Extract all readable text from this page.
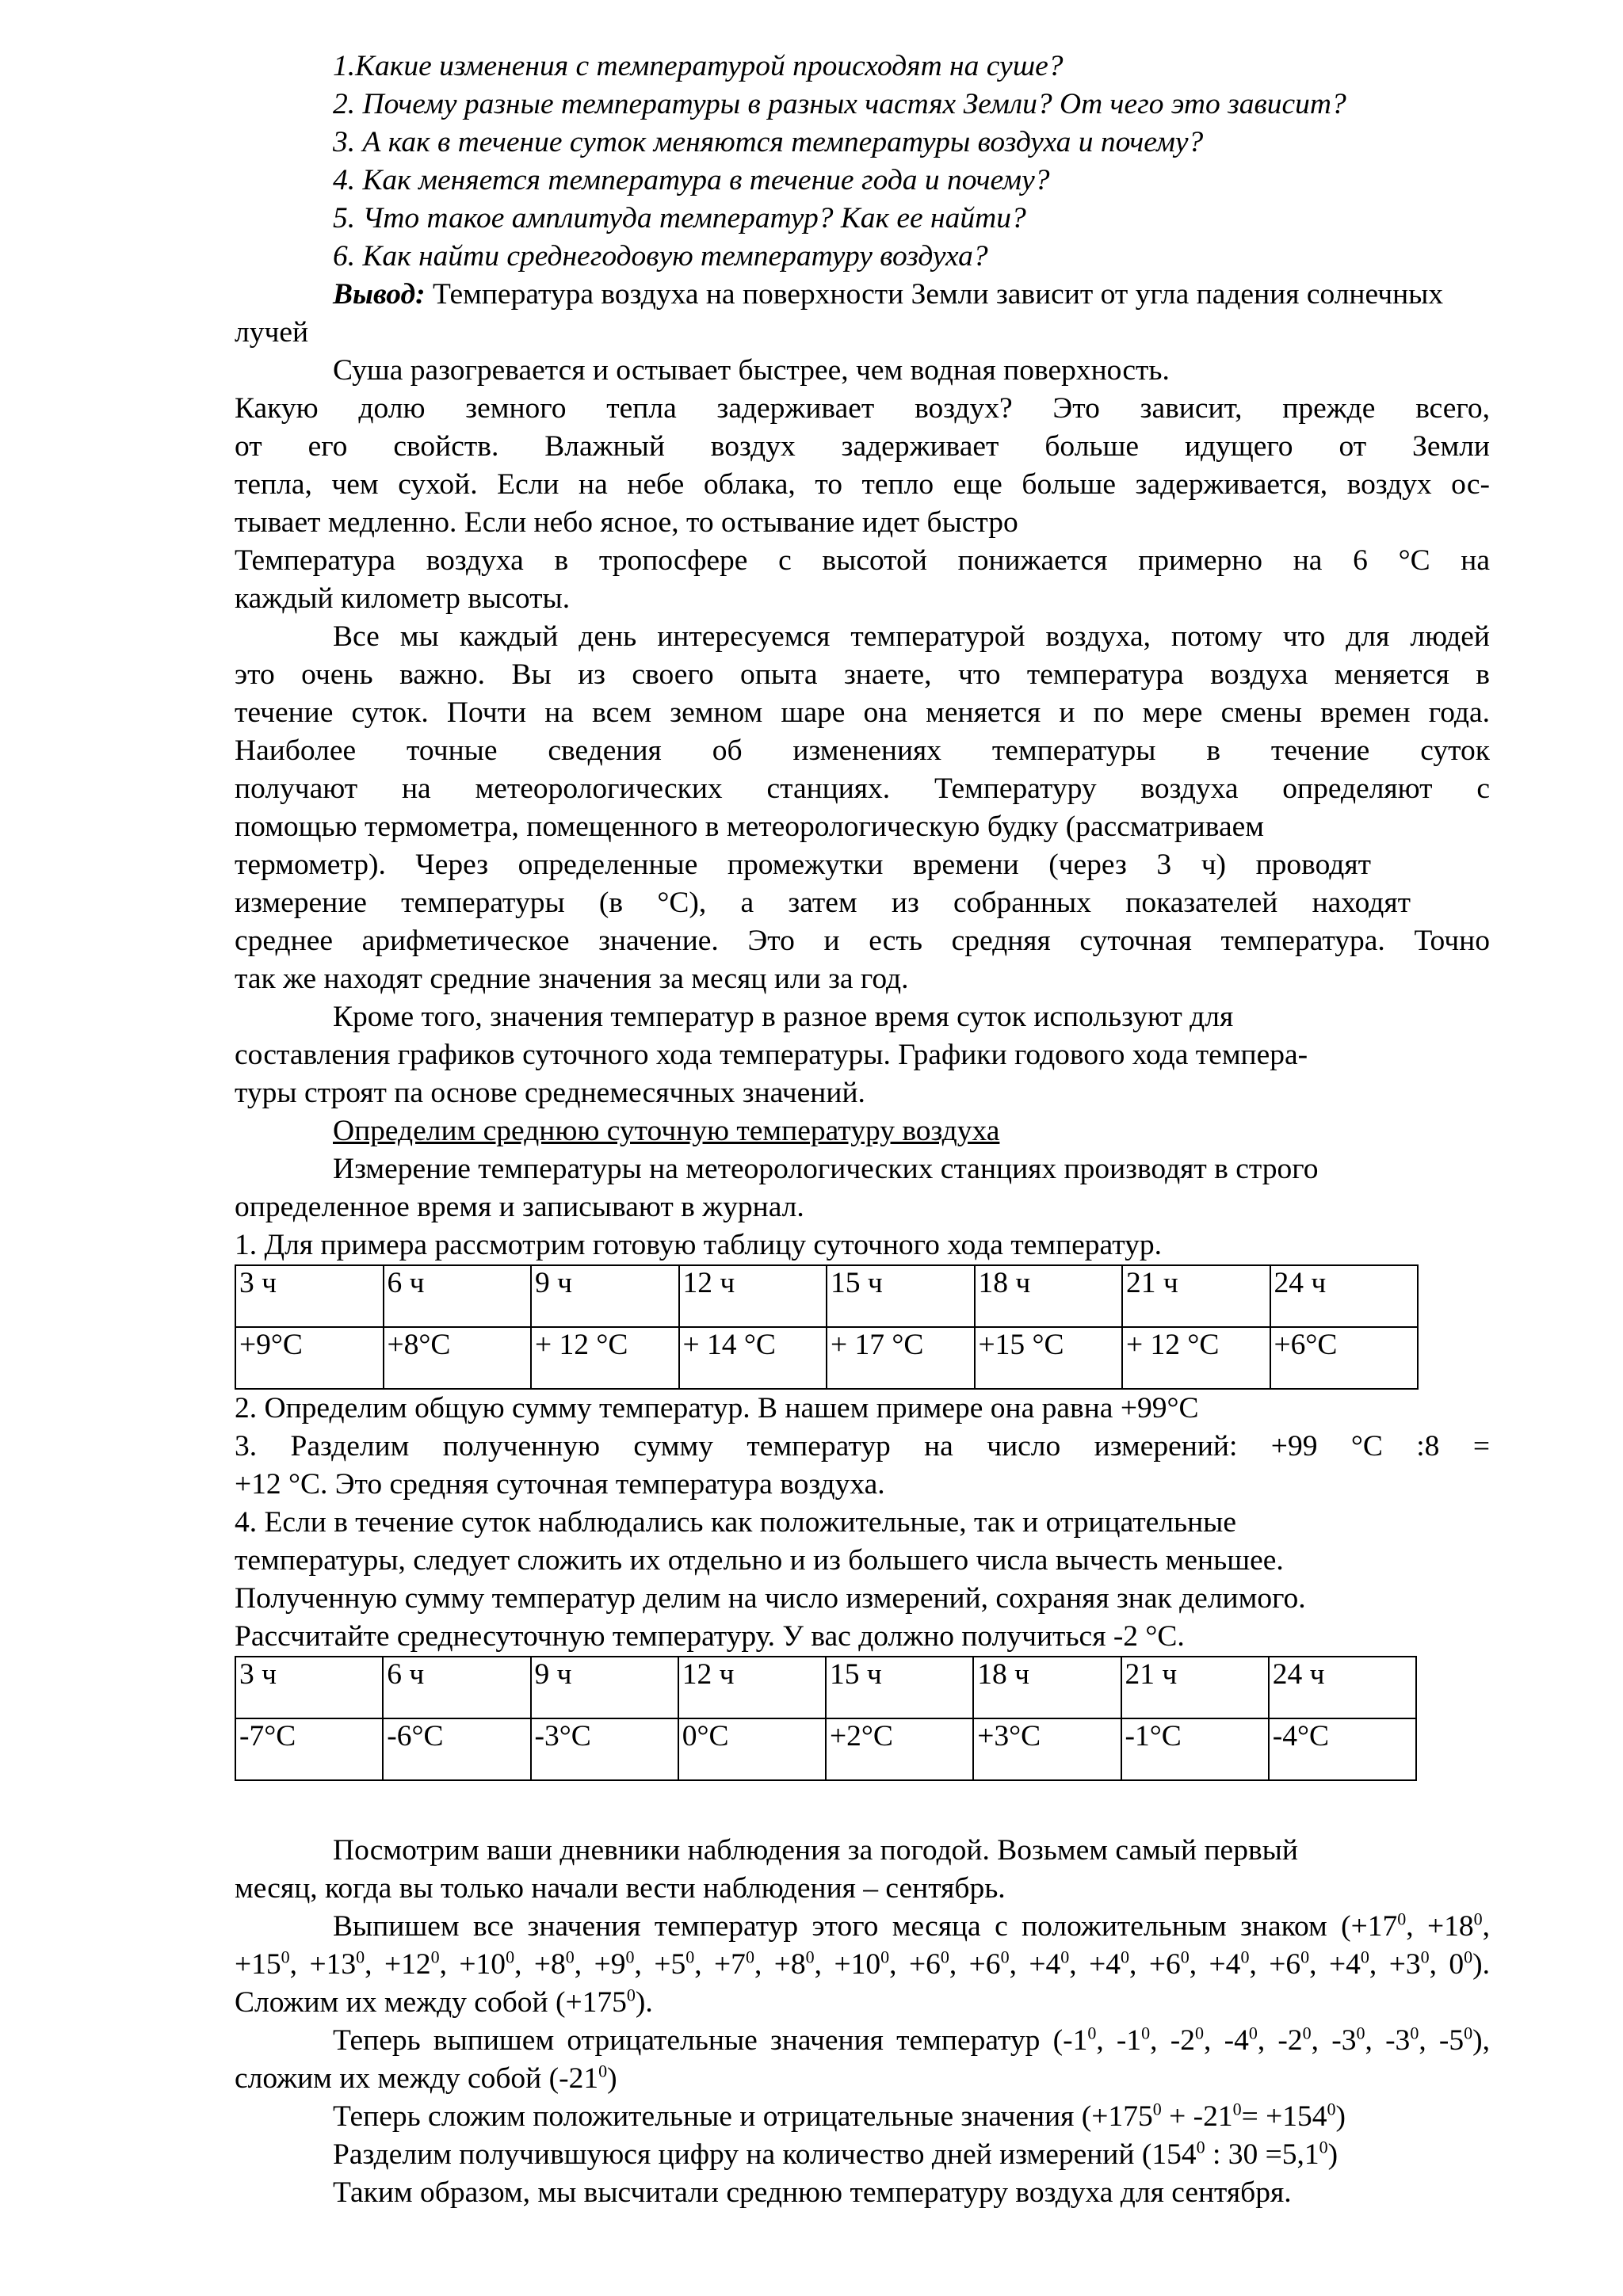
1.Какие изменения с температурой происходят на суше?

2. Почему разные температуры в разных частях Земли? От чего это зависит?

3. А как в течение суток меняются температуры воздуха и почему?

4. Как меняется температура в течение года и почему?

5. Что такое амплитуда температур? Как ее найти?

6. Как найти среднегодовую температуру воздуха?

Вывод: Температура воздуха на поверхности Земли зависит от угла падения солнечных лучей

Суша разогревается и остывает быстрее, чем водная поверхность.

Какую долю земного тепла задерживает воздух? Это зависит, прежде всего,

от его свойств. Влажный воздух задерживает больше идущего от Земли

тепла, чем сухой. Если на небе облака, то тепло еще больше задерживается, воздух ос-

тывает медленно. Если небо ясное, то остывание идет быстро

Температура воздуха в тропосфере с высотой понижается примерно на 6 °С на

каждый километр высоты.

Все мы каждый день интересуемся температурой воздуха, потому что для людей

это очень важно. Вы из своего опыта знаете, что температура воздуха меняется в

течение суток. Почти на всем земном шаре она меняется и по мере смены времен года.

Наиболее точные сведения об изменениях температуры в течение суток

получают на метеорологических станциях. Температуру воздуха определяют с

помощью термометра, помещенного в метеорологическую будку (рассматриваем

термометр). Через определенные промежутки времени (через 3 ч) проводят

измерение температуры (в °С), а затем из собранных показателей находят

среднее арифметическое значение. Это и есть средняя суточная температура. Точно

так же находят средние значения за месяц или за год.

Кроме того, значения температур в разное время суток используют для

составления графиков суточного хода температуры. Графики годового хода темпера-

туры строят па основе среднемесячных значений.

Определим среднюю суточную температуру воздуха

Измерение температуры на метеорологических станциях производят в строго

определенное время и записывают в журнал.

1. Для примера рассмотрим готовую таблицу суточного хода температур.

3 ч	6 ч	9 ч	12 ч	15 ч	18 ч	21 ч	24 ч
+9°С	+8°С	+ 12 °С	+ 14 °С	+ 17 °С	+15 °С	+ 12 °С	+6°С

2. Определим общую сумму температур. В нашем примере она равна +99°С

3. Разделим полученную сумму температур на число измерений: +99 °С :8 =

+12 °С. Это средняя суточная температура воздуха.

4. Если в течение суток наблюдались как положительные, так и отрицательные

температуры, следует сложить их отдельно и из большего числа вычесть меньшее.

Полученную сумму температур делим на число измерений, сохраняя знак делимого.

Рассчитайте среднесуточную температуру. У вас должно получиться -2 °С.

3 ч	6 ч	9 ч	12 ч	15 ч	18 ч	21 ч	24 ч
-7°С	-6°С	-3°С	0°С	+2°С	+3°С	-1°С	-4°С

Посмотрим ваши дневники наблюдения за погодой. Возьмем самый первый

месяц, когда вы только начали вести наблюдения – сентябрь.

Выпишем все значения температур этого месяца с положительным знаком ($+17^0$, $+18^0$, $+15^0$, $+13^0$, $+12^0$, $+10^0$, $+8^0$, $+9^0$, $+5^0$, $+7^0$, $+8^0$, $+10^0$, $+6^0$, $+6^0$, $+4^0$, $+4^0$, $+6^0$, $+4^0$, $+6^0$, $+4^0$, $+3^0$, $0^0$). Сложим их между собой $(+175^0)$.

Теперь выпишем отрицательные значения температур ($-1^0$, $-1^0$, $-2^0$, $-4^0$, $-2^0$, $-3^0$, $-3^0$, $-5^0$), сложим их между собой $(-21^0)$

Теперь сложим положительные и отрицательные значения $(+175^0 + -21^0= +154^0)$

Разделим получившуюся цифру на количество дней измерений ($154^0$ : $30 =5,1^0$)

Таким образом, мы высчитали среднюю температуру воздуха для сентября.
